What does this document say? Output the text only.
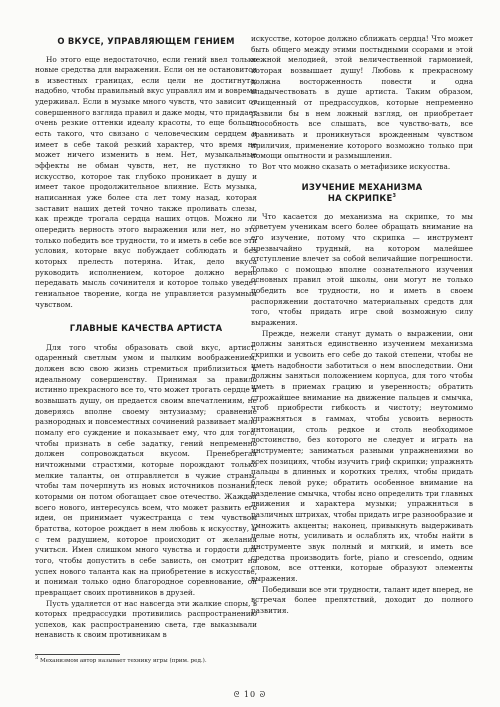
О ВКУСЕ, УПРАВЛЯЮЩЕМ ГЕНИЕМ

Но этого еще недостаточно, если гений ввел только новые средства для выражения. Если он не остановится в известных границах, если цели не достигнута; надобно, чтобы правильный вкус управлял им и вовремя удерживал. Если в музыке много чувств, что зависит от совершенного взгляда правил и даже моды, что придает очень резкие оттенки идеалу красоты, то еще больше есть такого, что связано с человеческим сердцем и имеет в себе такой резкий характер, что время не может ничего изменить в нем. Нет, музыкальные эффекты не обман чувств, нет, не пустякно то искусство, которое так глубоко проникает в душу и имеет такое продолжительное влияние. Есть музыка, написанная уже более ста лет тому назад, которая заставит наших детей точно также проливать слезы, как прежде трогала сердца наших отцов. Можно ли опередить верность этого выражения или нет, но это только победить все трудности, то и иметь в себе все эти условия, которые вкус побуждает соблюдать и без которых прелесть потеряна. Итак, дело вкуса руководить исполнением, которое должно верно передавать мысль сочинителя и которое только уведет гениальное творение, когда не управляется разумным чувством.

ГЛАВНЫЕ КАЧЕСТВА АРТИСТА

Для того чтобы образовать свой вкус, артист, одаренный светлым умом и пылким воображением, должен всю свою жизнь стремиться приблизиться к идеальному совершенству. Принимая за правило истинно прекрасного все то, что может трогать сердце и возвышать душу, он предается своим впечатлениям, не доверяясь вполне своему энтузиазму; сравнение разнородных и повсеместных сочинений развивает мало помалу его суждение и показывает ему, что для того, чтобы признать в себе задатку, гений непременно должен сопровождаться вкусом. Пренебрегая ничтожными страстями, которые порождают только мелкие таланты, он отправляется в чужие страны, чтобы там почерпнуть из новых источников познания, которыми он потом обогащает свое отечество. Жаждая всего нового, интересуясь всем, что может развить его идеи, он принимает чужестранца с тем чувством братства, которое рождает в нем любовь к искусству, и с тем радушием, которое происходит от желания учиться. Имея слишком много чувства и гордости для того, чтобы допустить в себе зависть, он смотрит на успех нового таланта как на приобретение в искусстве, и понимая только одно благородное соревнование, он превращает своих противников в друзей.

Пусть удаляется от нас навсегда эти жалкие споры, в которых предрассудки противились распространению успехов, как распространению света, где выказывали ненависть к своим противникам в

искусстве, которое должно сближать сердца! Что может быть общего между этими постыдными ссорами и этой нежной мелодией, этой величественной гармонией, которая возвышает душу! Любовь к прекрасному должна восторженность повести и одна владычествовать в душе артиста. Таким образом, очищенный от предрассудков, которые непременно развили бы в нем ложный взгляд, он приобретает способность все слышать, все чувство-вать, все сравнивать и проникнуться врожденным чувством приличия, применение которого возможно только при помощи опытности и размышления.

Вот что можно сказать о метафизике искусства.

ИЗУЧЕНИЕ МЕХАНИЗМА
НА СКРИПКЕ$^3$

Что касается до механизма на скрипке, то мы советуем ученикам всего более обращать внимание на его изучение, потому что скрипка — инструмент чрезвычайно трудный, на котором малейшее отступление влечет за собой величайшие погрешности. Только с помощью вполне сознательного изучения основных правил этой школы, они могут не только победить все трудности, но и иметь в своем распоряжении достаточно материальных средств для того, чтобы придать игре свой возможную силу выражения.

Прежде, нежели станут думать о выражении, они должны заняться единственно изучением механизма скрипки и усвоить его себе до такой степени, чтобы не иметь надобности заботиться о нем впоследствии. Они должны заняться положением корпуса, для того чтобы иметь в приемах грацию и уверенность; обратить строжайшее внимание на движение пальцев и смычка, чтоб приобрести гибкость и чистоту; неутомимо упражняться в гаммах, чтобы усвоить верность интонации, столь редкое и столь необходимое достоинство, без которого не следует и играть на инструменте; заниматься разными упражнениями во всех позициях, чтобы изучить гриф скрипки; упражнять пальцы в длинных и коротких трелях, чтобы придать блеск левой руке; обратить особенное внимание на разделение смычка, чтобы ясно определить три главных движения и характера музыки; упражняться в различных штрихах, чтобы придать игре разнообразие и умножить акценты; наконец, привыкнуть выдерживать целые ноты, усиливать и ослаблять их, чтобы найти в инструменте звук полный и мягкий, и иметь все средства производить forte, piano и crescendo, одним словом, все оттенки, которые образуют элементы выражения.

Победивши все эти трудности, талант идет вперед, не встречая более препятствий, доходит до полного развития.

$^3$ Механизмом автор называет технику игры (прим. ред.).
ᘓ 10 ᘐ
